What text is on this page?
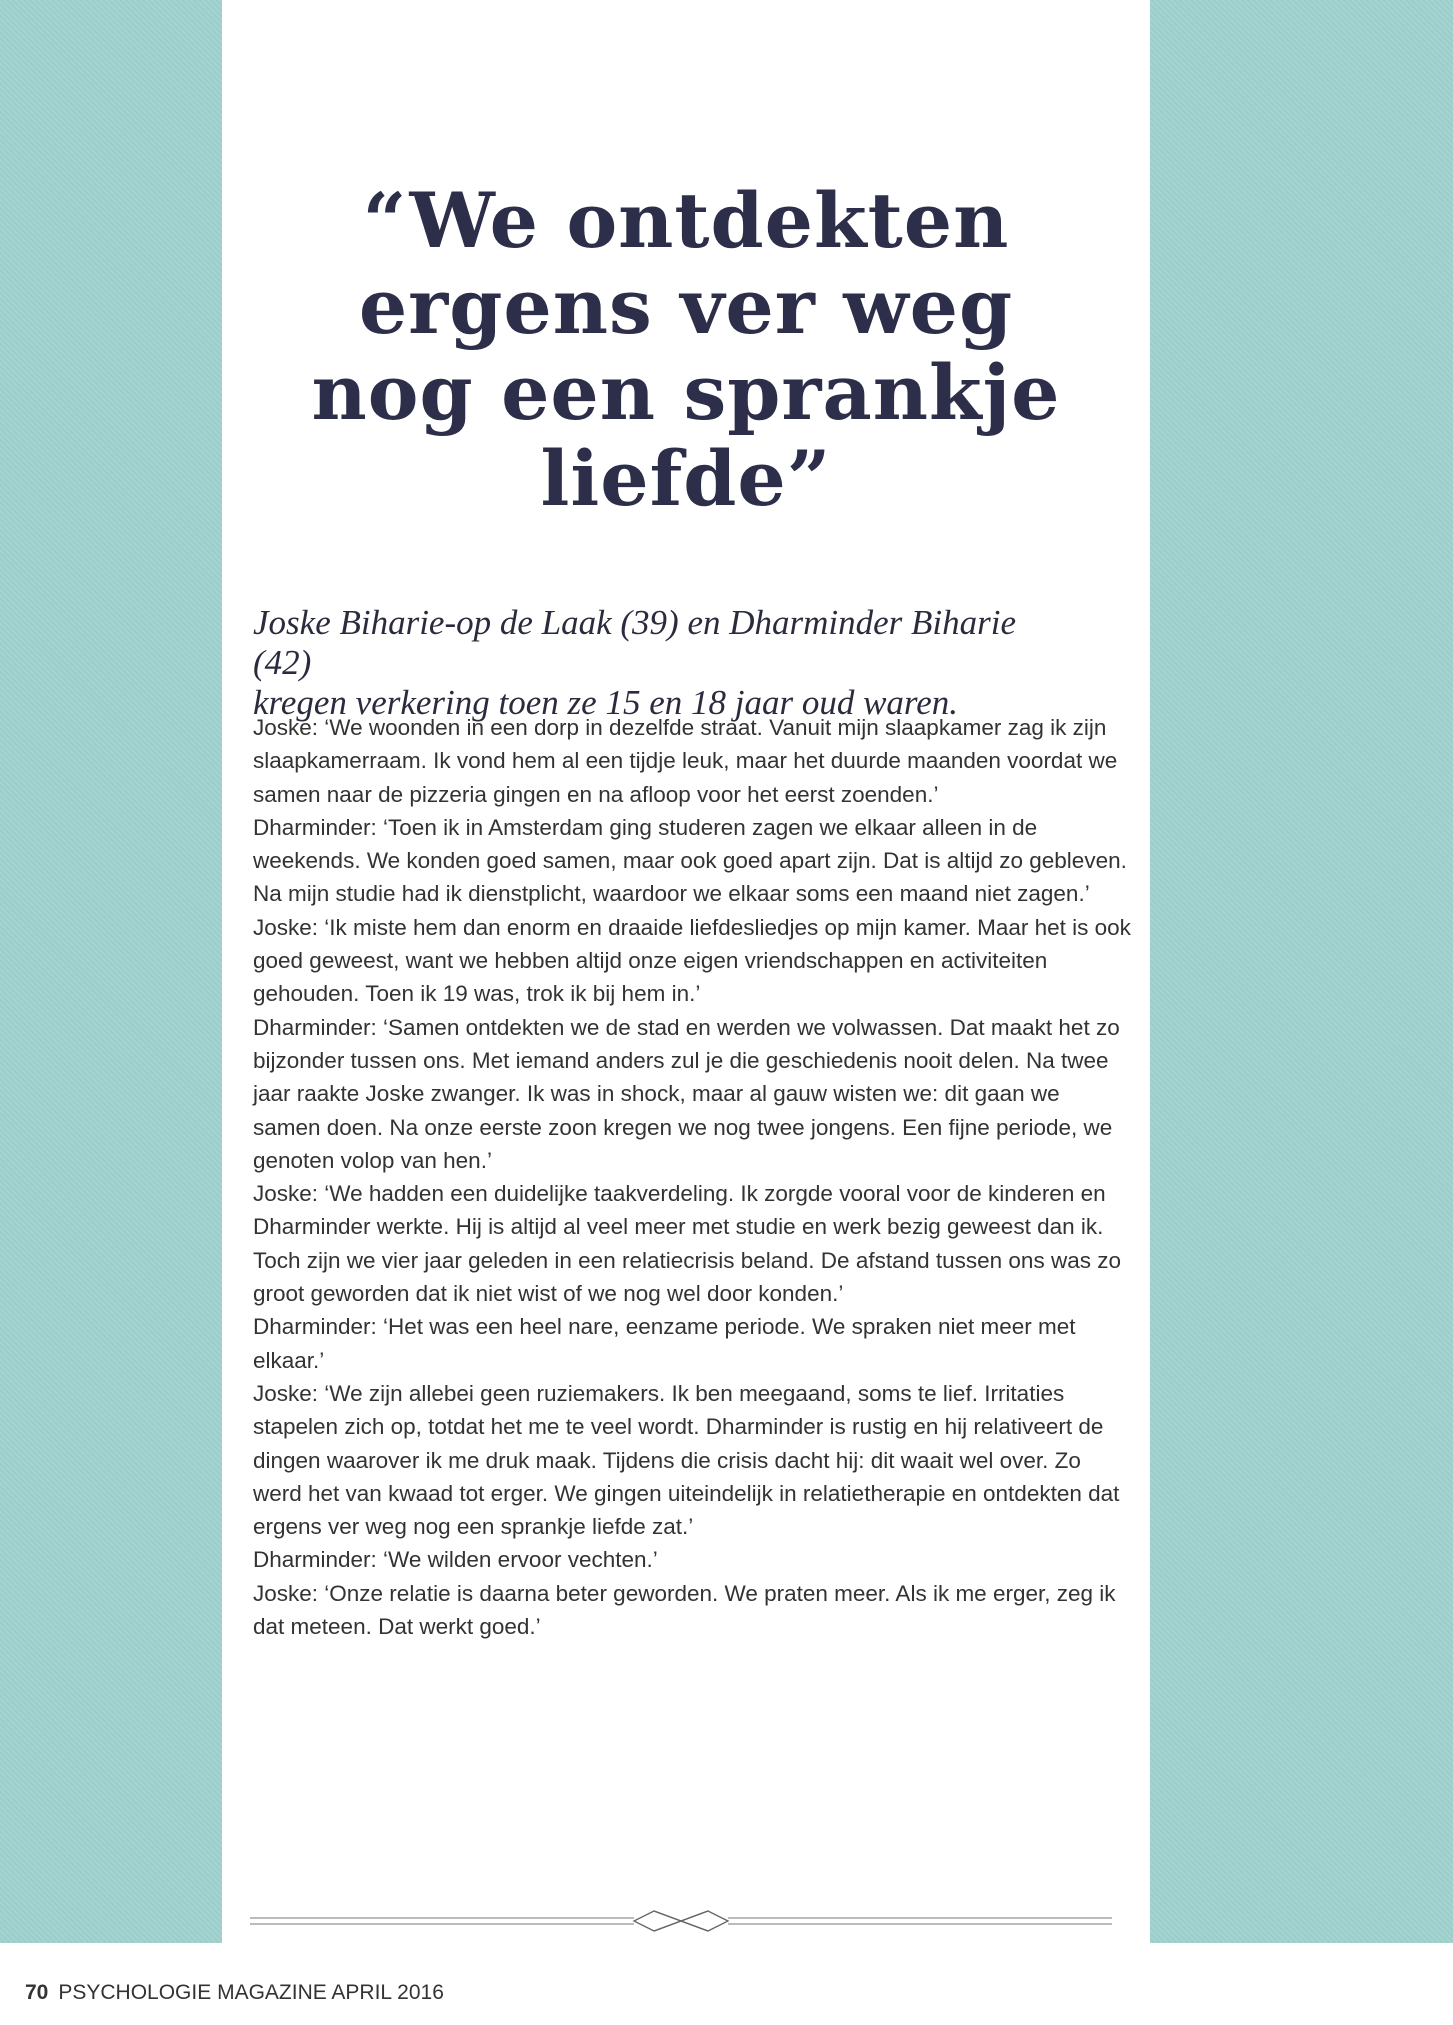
“We ontdekten
ergens ver weg
nog een sprankje
liefde”

Joske Biharie-op de Laak (39) en Dharminder Biharie (42)
kregen verkering toen ze 15 en 18 jaar oud waren.

Joske: ‘We woonden in een dorp in dezelfde straat. Vanuit mijn slaapkamer zag ik zijn slaapkamerraam. Ik vond hem al een tijdje leuk, maar het duurde maanden voordat we samen naar de pizzeria gingen en na afloop voor het eerst zoenden.’

Dharminder: ‘Toen ik in Amsterdam ging studeren zagen we elkaar alleen in de weekends. We konden goed samen, maar ook goed apart zijn. Dat is altijd zo gebleven. Na mijn studie had ik dienstplicht, waardoor we elkaar soms een maand niet zagen.’

Joske: ‘Ik miste hem dan enorm en draaide liefdesliedjes op mijn kamer. Maar het is ook goed geweest, want we hebben altijd onze eigen vriendschappen en activiteiten gehouden. Toen ik 19 was, trok ik bij hem in.’

Dharminder: ‘Samen ontdekten we de stad en werden we volwassen. Dat maakt het zo bijzonder tussen ons. Met iemand anders zul je die geschiedenis nooit delen. Na twee jaar raakte Joske zwanger. Ik was in shock, maar al gauw wisten we: dit gaan we samen doen. Na onze eerste zoon kregen we nog twee jongens. Een fijne periode, we genoten volop van hen.’

Joske: ‘We hadden een duidelijke taakverdeling. Ik zorgde vooral voor de kinderen en Dharminder werkte. Hij is altijd al veel meer met studie en werk bezig geweest dan ik. Toch zijn we vier jaar geleden in een relatiecrisis beland. De afstand tussen ons was zo groot geworden dat ik niet wist of we nog wel door konden.’

Dharminder: ‘Het was een heel nare, eenzame periode. We spraken niet meer met elkaar.’

Joske: ‘We zijn allebei geen ruziemakers. Ik ben meegaand, soms te lief. Irritaties stapelen zich op, totdat het me te veel wordt. Dharminder is rustig en hij relativeert de dingen waarover ik me druk maak. Tijdens die crisis dacht hij: dit waait wel over. Zo werd het van kwaad tot erger. We gingen uiteindelijk in relatietherapie en ontdekten dat ergens ver weg nog een sprankje liefde zat.’

Dharminder: ‘We wilden ervoor vechten.’

Joske: ‘Onze relatie is daarna beter geworden. We praten meer. Als ik me erger, zeg ik dat meteen. Dat werkt goed.’

70 PSYCHOLOGIE MAGAZINE APRIL 2016
